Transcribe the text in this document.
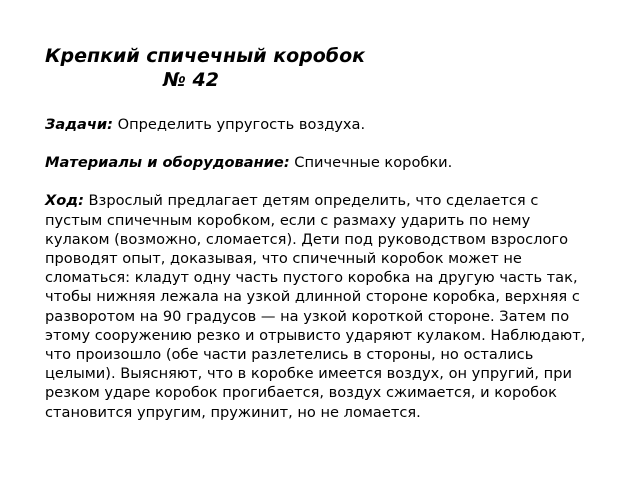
Крепкий спичечный коробок
№ 42

Задачи: Определить упругость воздуха.

Материалы и оборудование: Спичечные коробки.

Ход: Взрослый предлагает детям определить, что сделается с пустым спичечным коробком, если с размаху ударить по нему кулаком (возможно, сломается). Дети под руководством взрослого проводят опыт, доказывая, что спичечный коробок может не сломаться: кладут одну часть пустого коробка на другую часть так, чтобы нижняя лежала на узкой длинной стороне коробка, верхняя с разворотом на 90 градусов — на узкой короткой стороне. Затем по этому сооружению резко и отрывисто ударяют кулаком. Наблюдают, что произошло (обе части разлетелись в стороны, но остались целыми). Выясняют, что в коробке имеется воздух, он упругий, при резком ударе коробок прогибается, воздух сжимается, и коробок становится упругим, пружинит, но не ломается.
